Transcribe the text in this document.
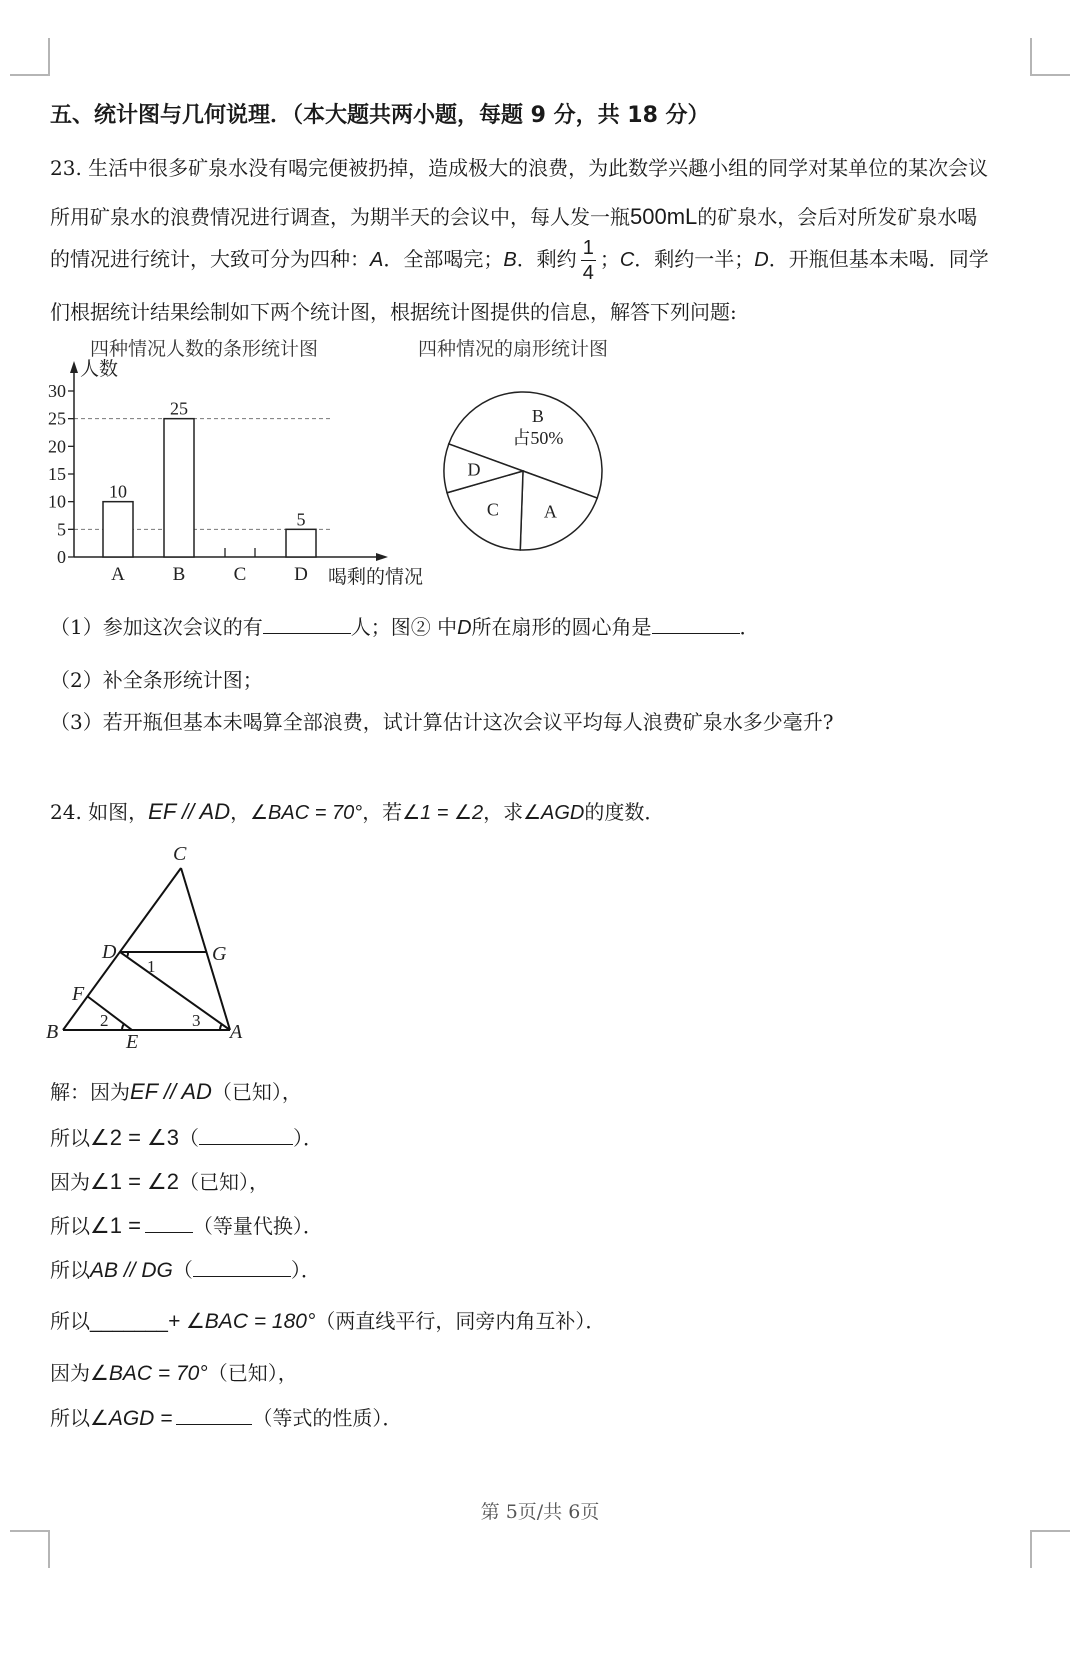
五、统计图与几何说理．（本大题共两小题，每题 9 分，共 18 分）
23. 生活中很多矿泉水没有喝完便被扔掉，造成极大的浪费，为此数学兴趣小组的同学对某单位的某次会议
所用矿泉水的浪费情况进行调查，为期半天的会议中，每人发一瓶500mL的矿泉水，会后对所发矿泉水喝
的情况进行统计，大致可分为四种：A．全部喝完；B．剩约 $\frac{1}{4}$ ；C．剩约一半；D．开瓶但基本未喝．同学
们根据统计结果绘制如下两个统计图，根据统计图提供的信息，解答下列问题:
四种情况人数的条形统计图	四种情况的扇形统计图
人数
喝剩的情况
0
5
10
15
20
25
30
10
A
25
B	C
5
D
B
占50%
A
C
D
（1）参加这次会议的有	人；图② 中D所在扇形的圆心角是	．
（2）补全条形统计图；
（3）若开瓶但基本未喝算全部浪费，试计算估计这次会议平均每人浪费矿泉水多少毫升?
24. 如图，EF // AD，∠BAC = 70°，若∠1 = ∠2，求∠AGD的度数．
C
D	G
F
B	E	A
1
2	3
解：因为EF // AD（已知），
所以∠2 = ∠3（	）．
因为∠1 = ∠2（已知），
所以∠1 =	（等量代换）．
所以AB // DG（	）．
所以_______+ ∠BAC = 180°（两直线平行，同旁内角互补）．
因为∠BAC = 70°（已知），
所以∠AGD =	（等式的性质）．
第 5页/共 6页
